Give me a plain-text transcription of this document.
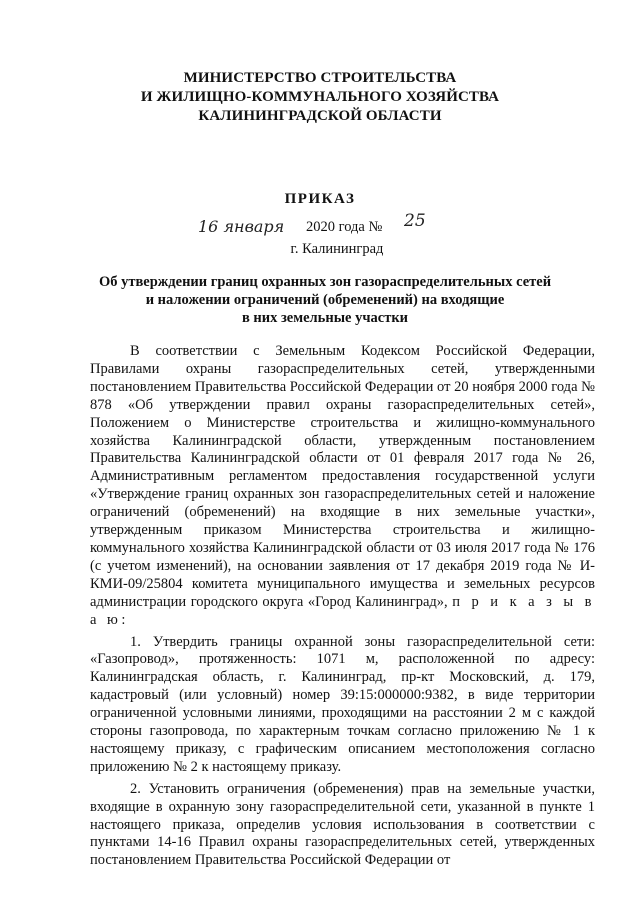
МИНИСТЕРСТВО СТРОИТЕЛЬСТВА
И ЖИЛИЩНО-КОММУНАЛЬНОГО ХОЗЯЙСТВА
КАЛИНИНГРАДСКОЙ ОБЛАСТИ
ПРИКАЗ
16 января 2020 года № 25
г. Калининград
Об утверждении границ охранных зон газораспределительных сетей
и наложении ограничений (обременений) на входящие
в них земельные участки

В соответствии с Земельным Кодексом Российской Федерации, Правилами охраны газораспределительных сетей, утвержденными постановлением Правительства Российской Федерации от 20 ноября 2000 года № 878 «Об утверждении правил охраны газораспределительных сетей», Положением о Министерстве строительства и жилищно-коммунального хозяйства Калининградской области, утвержденным постановлением Правительства Калининградской области от 01 февраля 2017 года № 26, Административным регламентом предоставления государственной услуги «Утверждение границ охранных зон газораспределительных сетей и наложение ограничений (обременений) на входящие в них земельные участки», утвержденным приказом Министерства строительства и жилищно-коммунального хозяйства Калининградской области от 03 июля 2017 года № 176 (с учетом изменений), на основании заявления от 17 декабря 2019 года № И-КМИ-09/25804 комитета муниципального имущества и земельных ресурсов администрации городского округа «Город Калининград», п р и к а з ы в а ю:

1. Утвердить границы охранной зоны газораспределительной сети: «Газопровод», протяженность: 1071 м, расположенной по адресу: Калининградская область, г. Калининград, пр-кт Московский, д. 179, кадастровый (или условный) номер 39:15:000000:9382, в виде территории ограниченной условными линиями, проходящими на расстоянии 2 м с каждой стороны газопровода, по характерным точкам согласно приложению № 1 к настоящему приказу, с графическим описанием местоположения согласно приложению № 2 к настоящему приказу.

2. Установить ограничения (обременения) прав на земельные участки, входящие в охранную зону газораспределительной сети, указанной в пункте 1 настоящего приказа, определив условия использования в соответствии с пунктами 14-16 Правил охраны газораспределительных сетей, утвержденных постановлением Правительства Российской Федерации от
